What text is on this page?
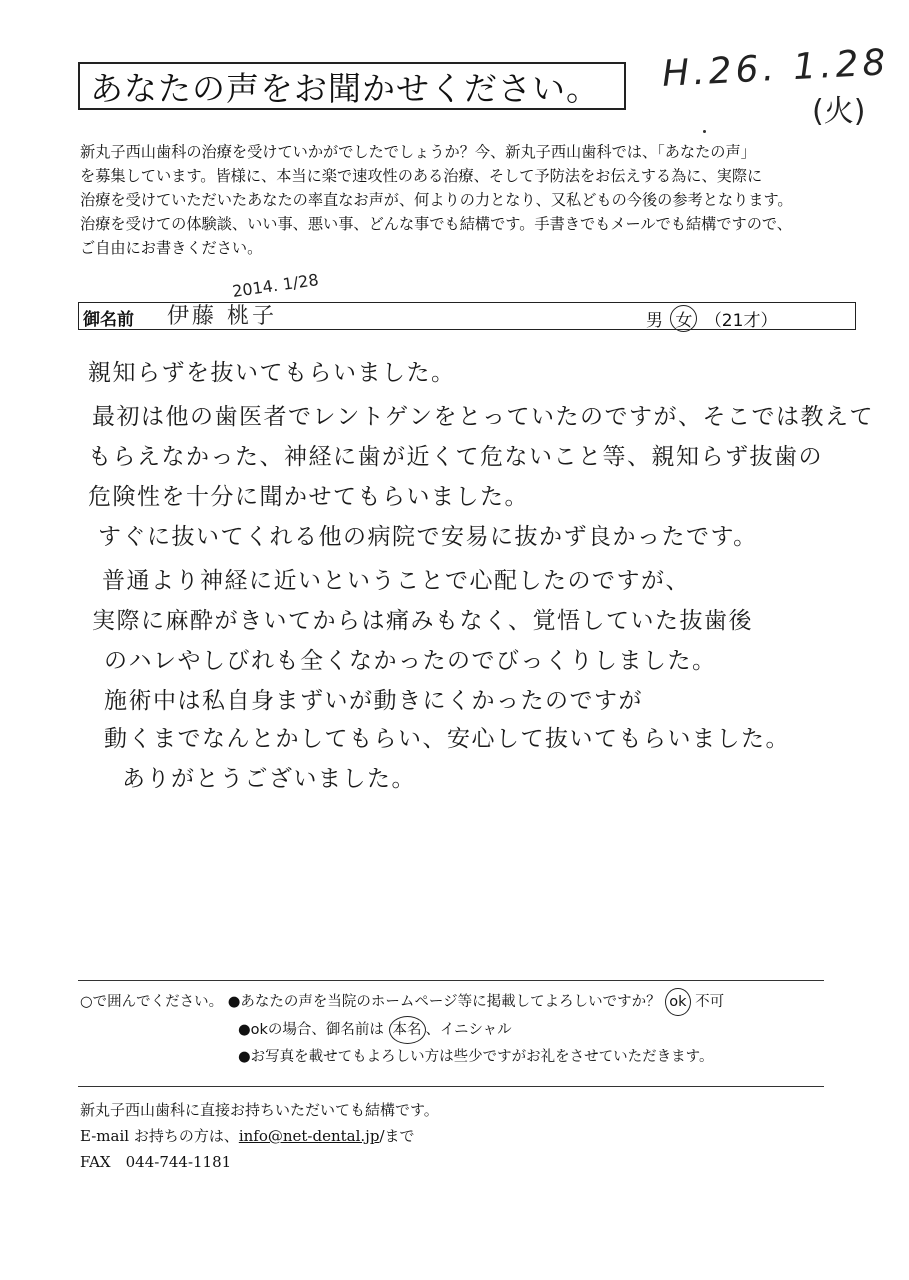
あなたの声をお聞かせください。 H.26. 1.28
(火)

新丸子西山歯科の治療を受けていかがでしたでしょうか？今、新丸子西山歯科では、「あなたの声」

を募集しています。皆様に、本当に楽で速攻性のある治療、そして予防法をお伝えする為に、実際に

治療を受けていただいたあなたの率直なお声が、何よりの力となり、又私どもの今後の参考となります。

治療を受けての体験談、いい事、悪い事、どんな事でも結構です。手書きでもメールでも結構ですので、

ご自由にお書きください。

2014. 1/28
御名前 伊藤 桃子	男 女 （21才）
親知らずを抜いてもらいました。
最初は他の歯医者でレントゲンをとっていたのですが、そこでは教えて
もらえなかった、神経に歯が近くて危ないこと等、親知らず抜歯の
危険性を十分に聞かせてもらいました。
すぐに抜いてくれる他の病院で安易に抜かず良かったです。
普通より神経に近いということで心配したのですが、
実際に麻酔がきいてからは痛みもなく、覚悟していた抜歯後
のハレやしびれも全くなかったのでびっくりしました。
施術中は私自身まずいが動きにくかったのですが
動くまでなんとかしてもらい、安心して抜いてもらいました。
ありがとうございました。
○で囲んでください。 ●あなたの声を当院のホームページ等に掲載してよろしいですか？ ok 不可
●okの場合、御名前は 本名 、イニシャル
●お写真を載せてもよろしい方は些少ですがお礼をさせていただきます。
新丸子西山歯科に直接お持ちいただいても結構です。
E-mail お持ちの方は、info@net-dental.jp/まで
FAX　044-744-1181
